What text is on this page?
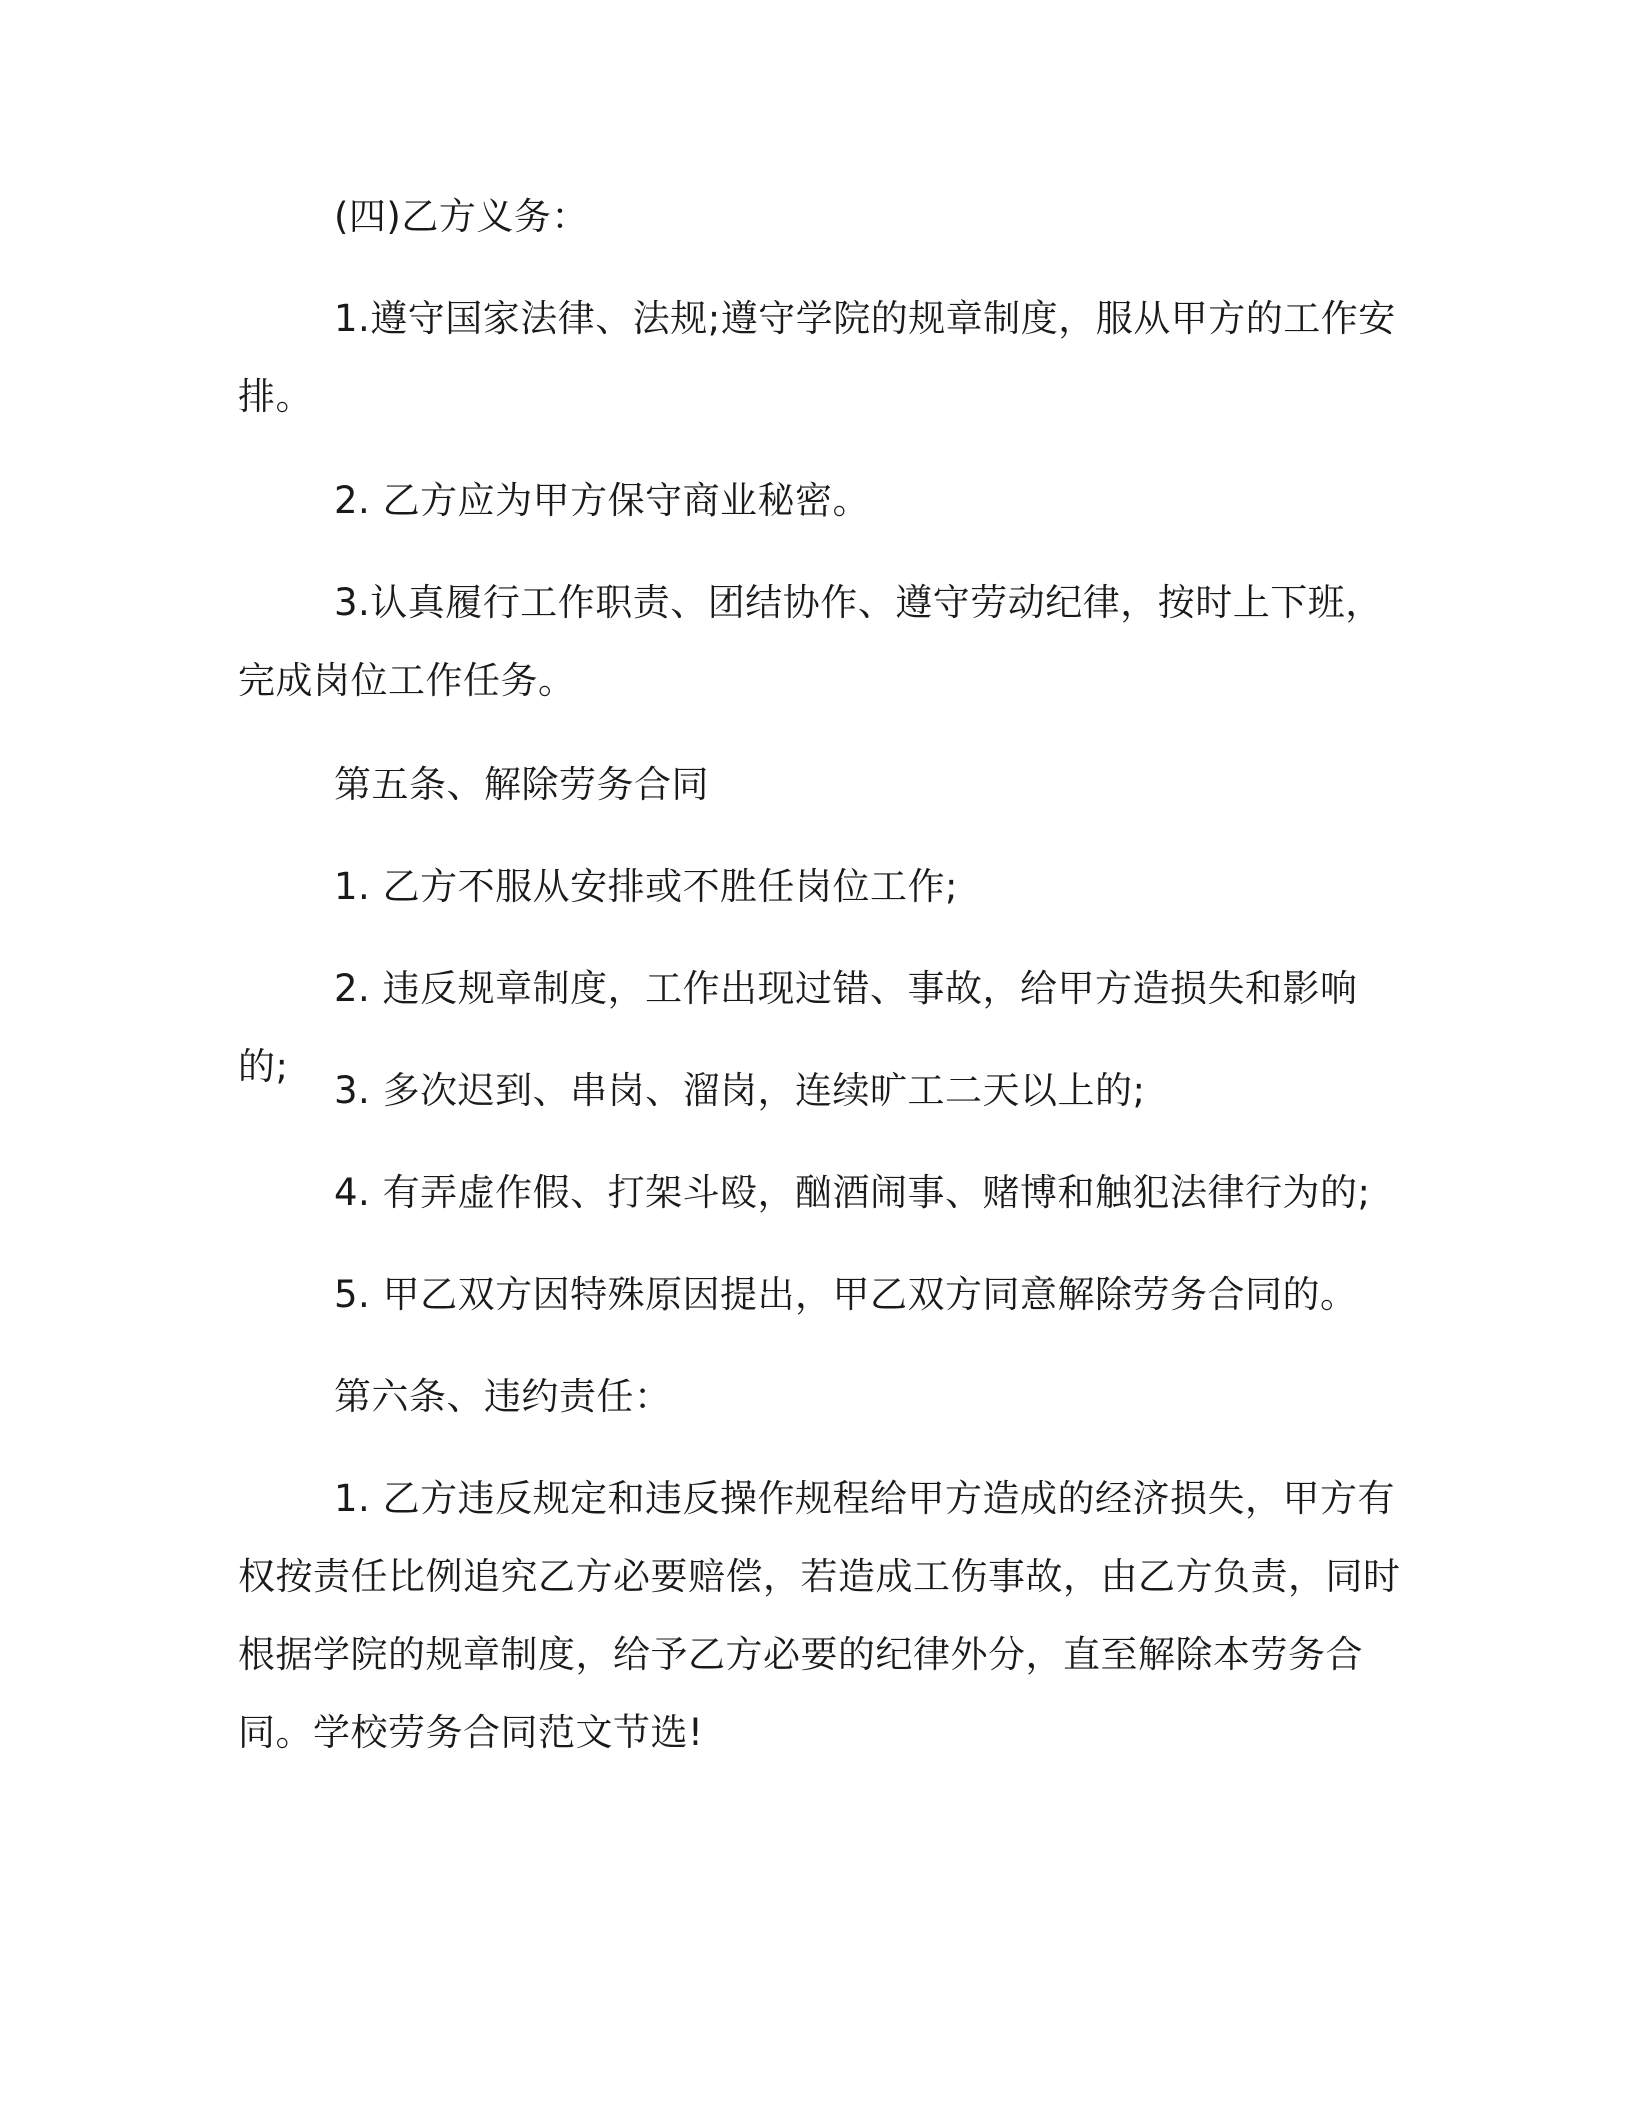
(四)乙方义务：

1.遵守国家法律、法规;遵守学院的规章制度，服从甲方的工作安排。

2. 乙方应为甲方保守商业秘密。

3.认真履行工作职责、团结协作、遵守劳动纪律，按时上下班，完成岗位工作任务。

第五条、解除劳务合同

1. 乙方不服从安排或不胜任岗位工作;

2. 违反规章制度，工作出现过错、事故，给甲方造损失和影响的;

3. 多次迟到、串岗、溜岗，连续旷工二天以上的;

4. 有弄虚作假、打架斗殴，酗酒闹事、赌博和触犯法律行为的;

5. 甲乙双方因特殊原因提出，甲乙双方同意解除劳务合同的。

第六条、违约责任：

1. 乙方违反规定和违反操作规程给甲方造成的经济损失，甲方有权按责任比例追究乙方必要赔偿，若造成工伤事故，由乙方负责，同时根据学院的规章制度，给予乙方必要的纪律外分，直至解除本劳务合同。学校劳务合同范文节选!
